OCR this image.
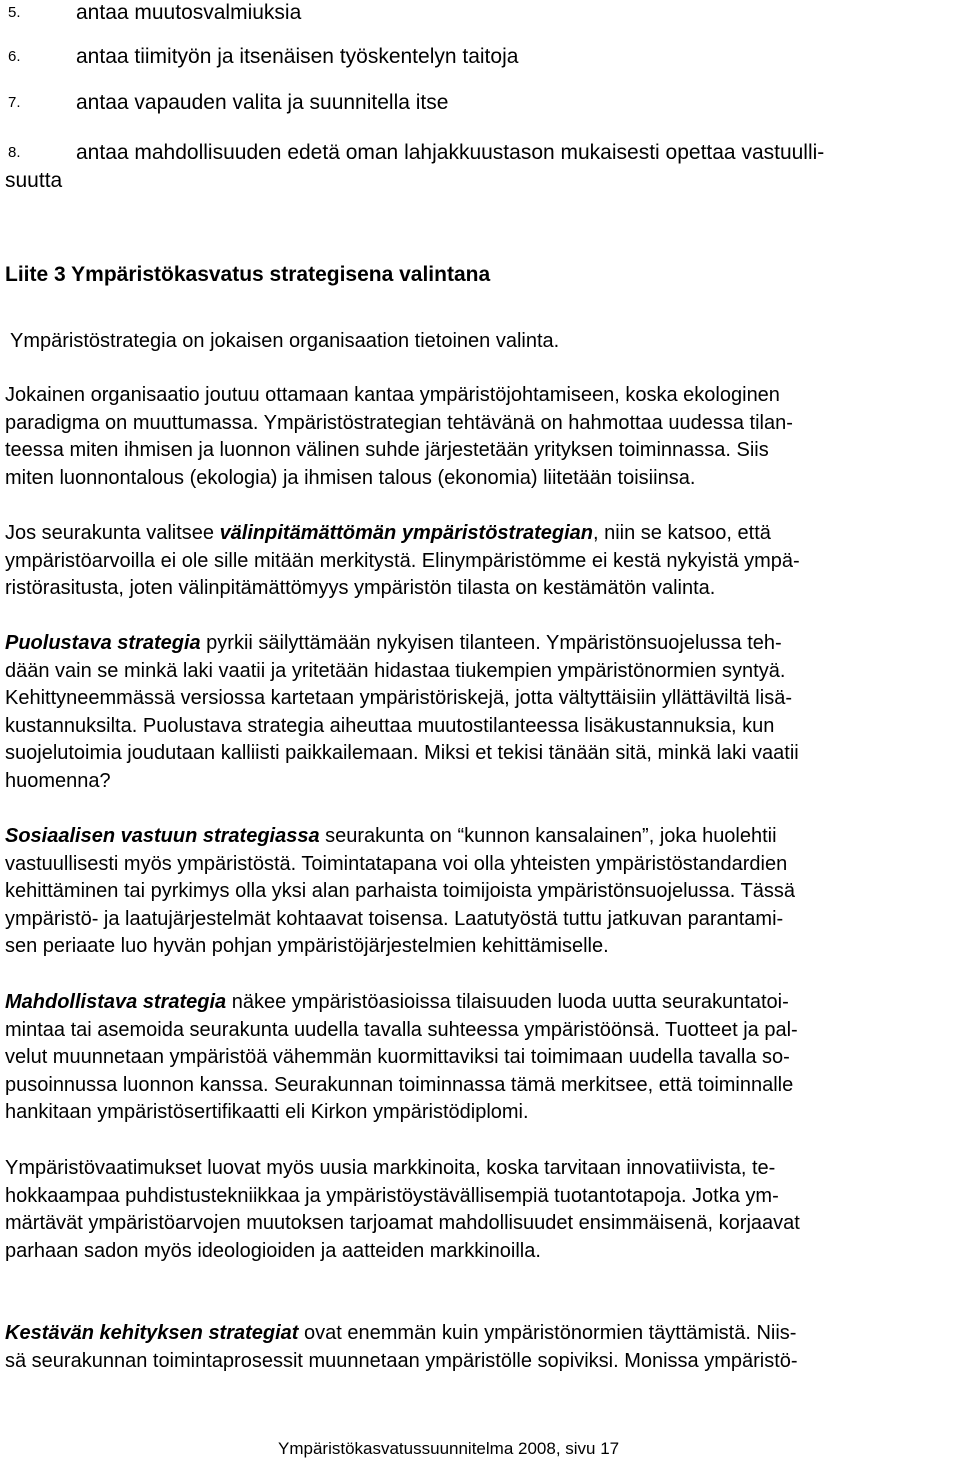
5.	antaa muutosvalmiuksia
6.	antaa tiimityön ja itsenäisen työskentelyn taitoja
7.	antaa vapauden valita ja suunnitella itse
8.	antaa mahdollisuuden edetä oman lahjakkuustason mukaisesti opettaa vastuulli-
suutta
Liite 3 Ympäristökasvatus strategisena valintana
Ympäristöstrategia on jokaisen organisaation tietoinen valinta.
Jokainen organisaatio joutuu ottamaan kantaa ympäristöjohtamiseen, koska ekologinen
paradigma on muuttumassa. Ympäristöstrategian tehtävänä on hahmottaa uudessa tilan-
teessa miten ihmisen ja luonnon välinen suhde järjestetään yrityksen toiminnassa. Siis
miten luonnontalous (ekologia) ja ihmisen talous (ekonomia) liitetään toisiinsa.
Jos seurakunta valitsee välinpitämättömän ympäristöstrategian, niin se katsoo, että
ympäristöarvoilla ei ole sille mitään merkitystä. Elinympäristömme ei kestä nykyistä ympä-
ristörasitusta, joten välinpitämättömyys ympäristön tilasta on kestämätön valinta.
Puolustava strategia pyrkii säilyttämään nykyisen tilanteen. Ympäristönsuojelussa teh-
dään vain se minkä laki vaatii ja yritetään hidastaa tiukempien ympäristönormien syntyä.
Kehittyneemmässä versiossa kartetaan ympäristöriskejä, jotta vältyttäisiin yllättäviltä lisä-
kustannuksilta. Puolustava strategia aiheuttaa muutostilanteessa lisäkustannuksia, kun
suojelutoimia joudutaan kalliisti paikkailemaan. Miksi et tekisi tänään sitä, minkä laki vaatii
huomenna?
Sosiaalisen vastuun strategiassa seurakunta on “kunnon kansalainen”, joka huolehtii
vastuullisesti myös ympäristöstä. Toimintatapana voi olla yhteisten ympäristöstandardien
kehittäminen tai pyrkimys olla yksi alan parhaista toimijoista ympäristönsuojelussa. Tässä
ympäristö- ja laatujärjestelmät kohtaavat toisensa. Laatutyöstä tuttu jatkuvan parantami-
sen periaate luo hyvän pohjan ympäristöjärjestelmien kehittämiselle.
Mahdollistava strategia näkee ympäristöasioissa tilaisuuden luoda uutta seurakuntatoi-
mintaa tai asemoida seurakunta uudella tavalla suhteessa ympäristöönsä. Tuotteet ja pal-
velut muunnetaan ympäristöä vähemmän kuormittaviksi tai toimimaan uudella tavalla so-
pusoinnussa luonnon kanssa. Seurakunnan toiminnassa tämä merkitsee, että toiminnalle
hankitaan ympäristösertifikaatti eli Kirkon ympäristödiplomi.
Ympäristövaatimukset luovat myös uusia markkinoita, koska tarvitaan innovatiivista, te-
hokkaampaa puhdistustekniikkaa ja ympäristöystävällisempiä tuotantotapoja. Jotka ym-
märtävät ympäristöarvojen muutoksen tarjoamat mahdollisuudet ensimmäisenä, korjaavat
parhaan sadon myös ideologioiden ja aatteiden markkinoilla.
Kestävän kehityksen strategiat ovat enemmän kuin ympäristönormien täyttämistä. Niis-
sä seurakunnan toimintaprosessit muunnetaan ympäristölle sopiviksi. Monissa ympäristö-
Ympäristökasvatussuunnitelma 2008, sivu 17
